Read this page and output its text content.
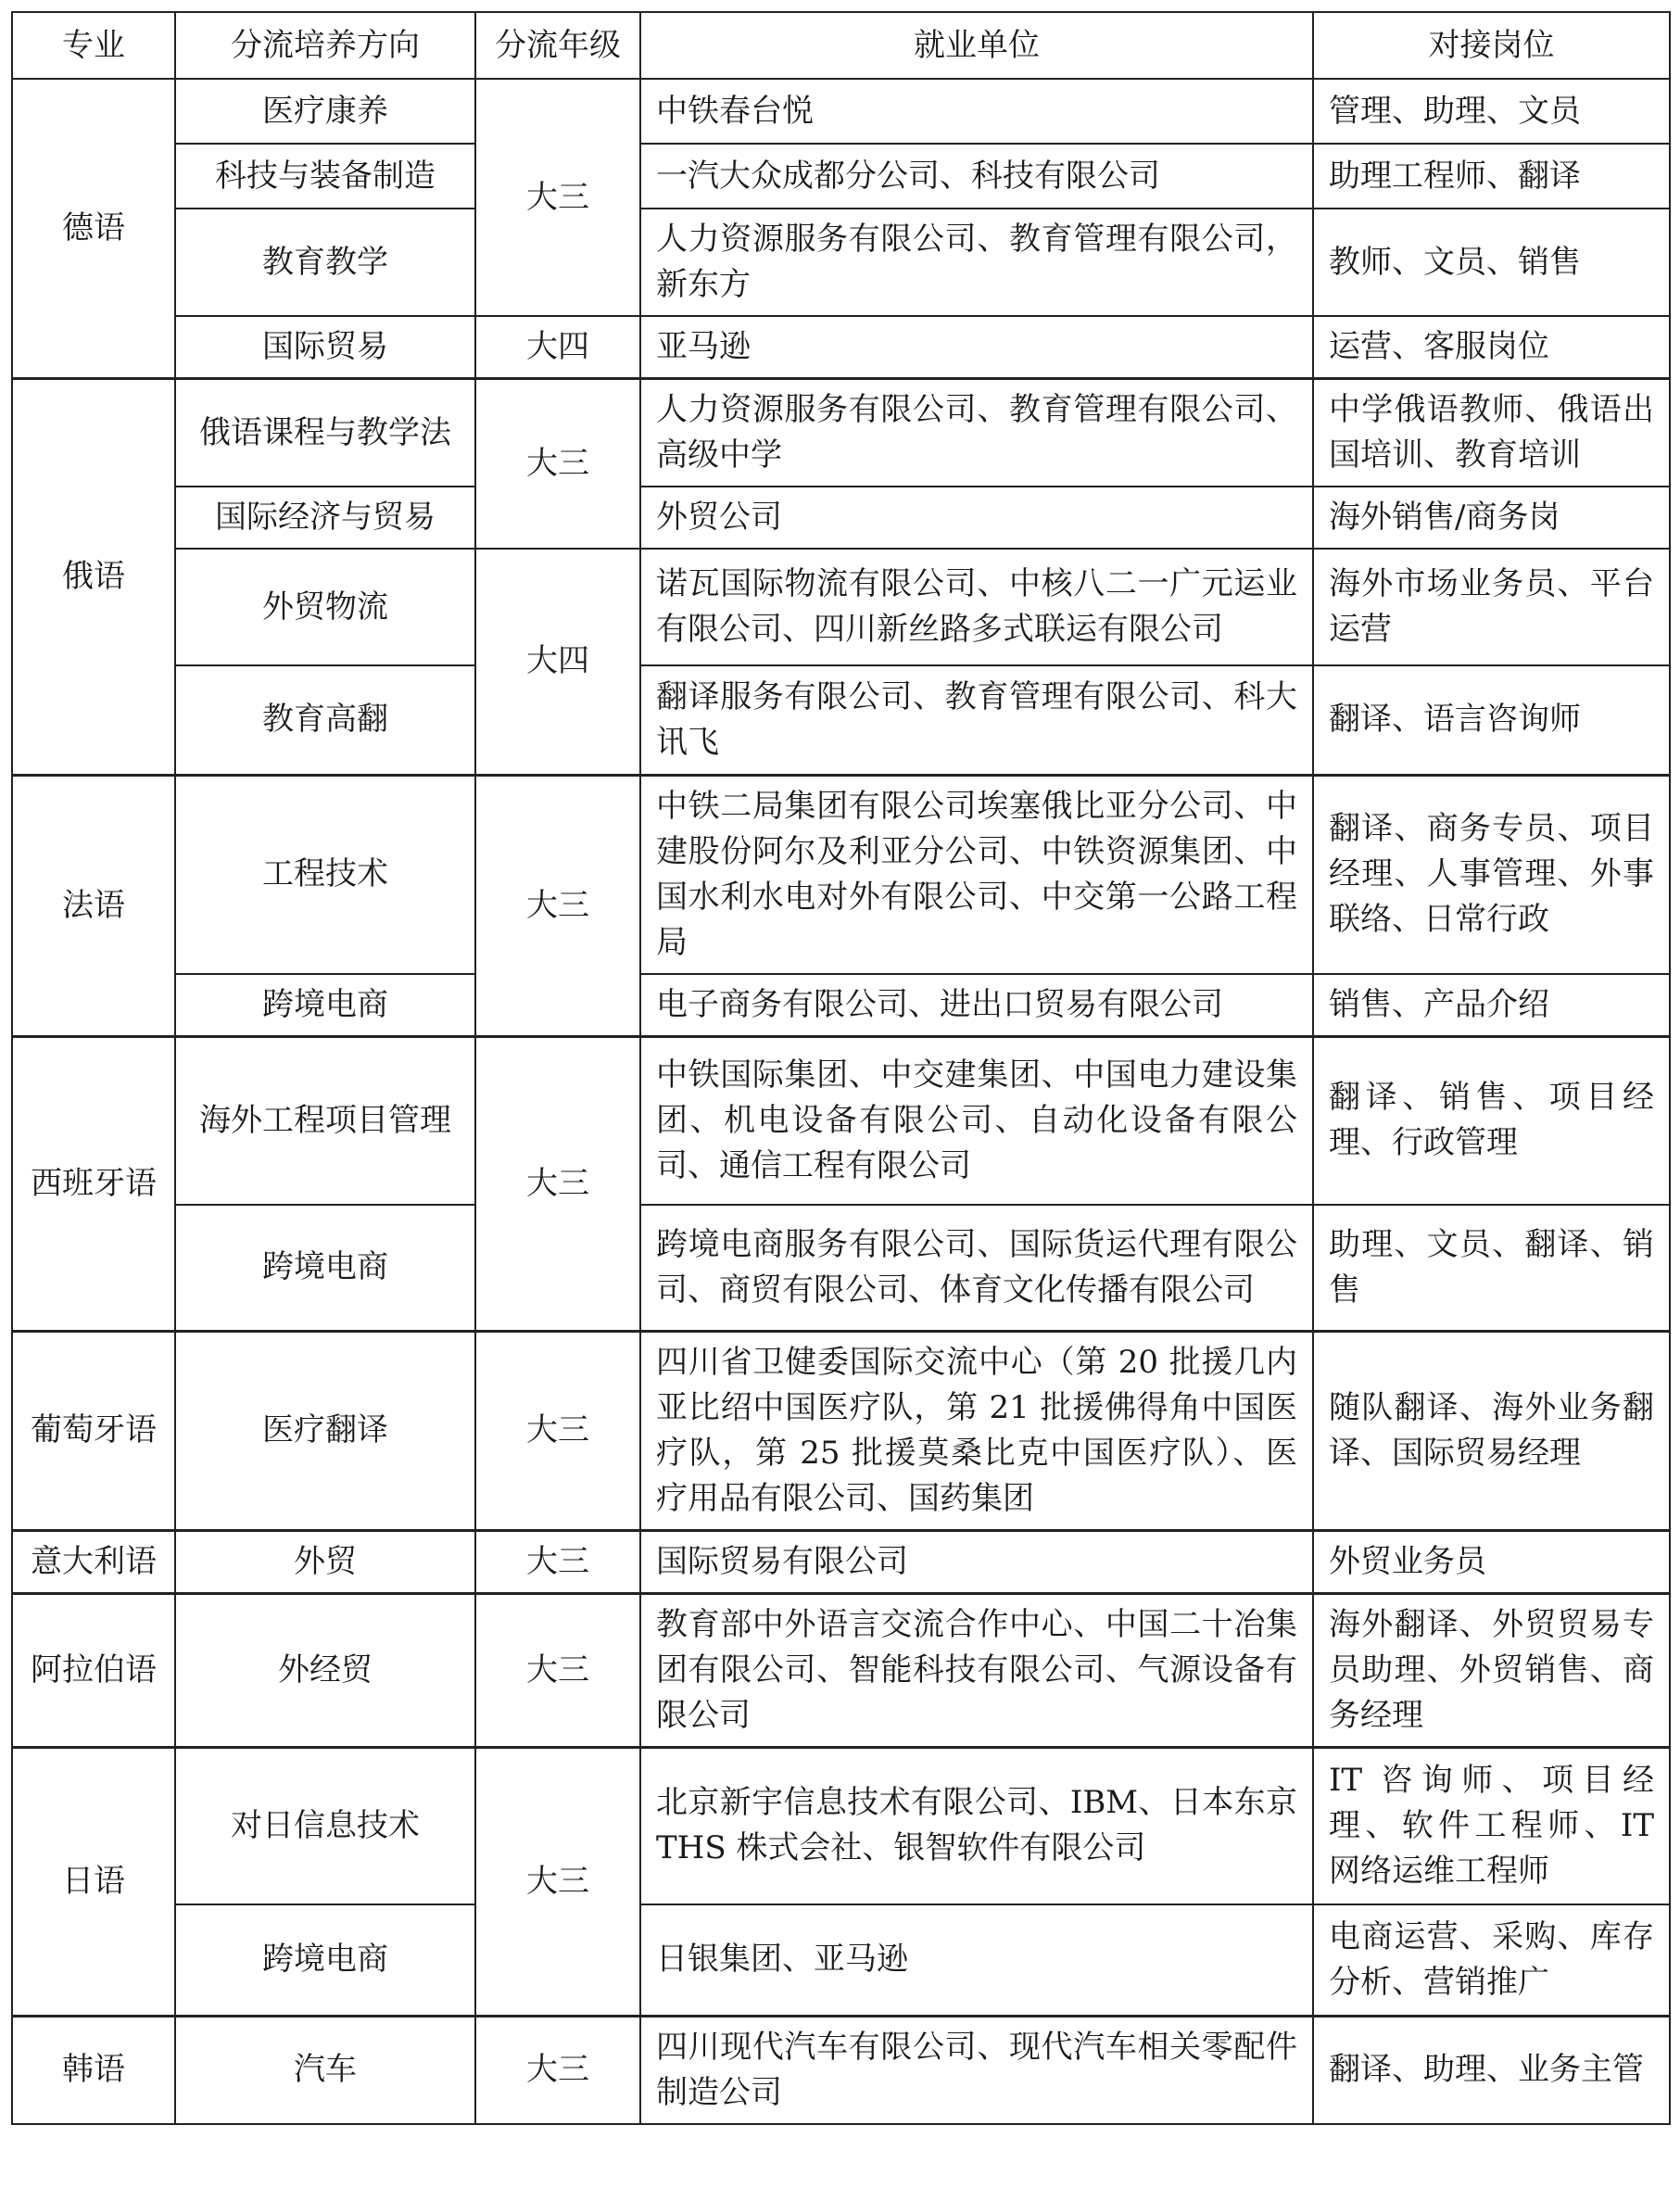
专业	分流培养方向	分流年级	就业单位	对接岗位
德语	医疗康养	大三	中铁春台悦	管理、助理、文员
	科技与装备制造		一汽大众成都分公司、科技有限公司	助理工程师、翻译
	教育教学		人力资源服务有限公司、教育管理有限公司，新东方	教师、文员、销售
	国际贸易	大四	亚马逊	运营、客服岗位
俄语	俄语课程与教学法	大三	人力资源服务有限公司、教育管理有限公司、高级中学	中学俄语教师、俄语出国培训、教育培训
	国际经济与贸易		外贸公司	海外销售/商务岗
	外贸物流	大四	诺瓦国际物流有限公司、中核八二一广元运业有限公司、四川新丝路多式联运有限公司	海外市场业务员、平台运营
	教育高翻		翻译服务有限公司、教育管理有限公司、科大讯飞	翻译、语言咨询师
法语	工程技术	大三	中铁二局集团有限公司埃塞俄比亚分公司、中建股份阿尔及利亚分公司、中铁资源集团、中国水利水电对外有限公司、中交第一公路工程局	翻译、商务专员、项目经理、人事管理、外事联络、日常行政
	跨境电商		电子商务有限公司、进出口贸易有限公司	销售、产品介绍
西班牙语	海外工程项目管理	大三	中铁国际集团、中交建集团、中国电力建设集团、机电设备有限公司、自动化设备有限公司、通信工程有限公司	翻译、销售、项目经理、行政管理
	跨境电商		跨境电商服务有限公司、国际货运代理有限公司、商贸有限公司、体育文化传播有限公司	助理、文员、翻译、销售
葡萄牙语	医疗翻译	大三	四川省卫健委国际交流中心（第 20 批援几内亚比绍中国医疗队，第 21 批援佛得角中国医疗队，第 25 批援莫桑比克中国医疗队）、医疗用品有限公司、国药集团	随队翻译、海外业务翻译、国际贸易经理
意大利语	外贸	大三	国际贸易有限公司	外贸业务员
阿拉伯语	外经贸	大三	教育部中外语言交流合作中心、中国二十冶集团有限公司、智能科技有限公司、气源设备有限公司	海外翻译、外贸贸易专员助理、外贸销售、商务经理
日语	对日信息技术	大三	北京新宇信息技术有限公司、IBM、日本东京 THS 株式会社、银智软件有限公司	IT 咨询师、项目经理、软件工程师、IT 网络运维工程师
	跨境电商		日银集团、亚马逊	电商运营、采购、库存分析、营销推广
韩语	汽车	大三	四川现代汽车有限公司、现代汽车相关零配件制造公司	翻译、助理、业务主管
